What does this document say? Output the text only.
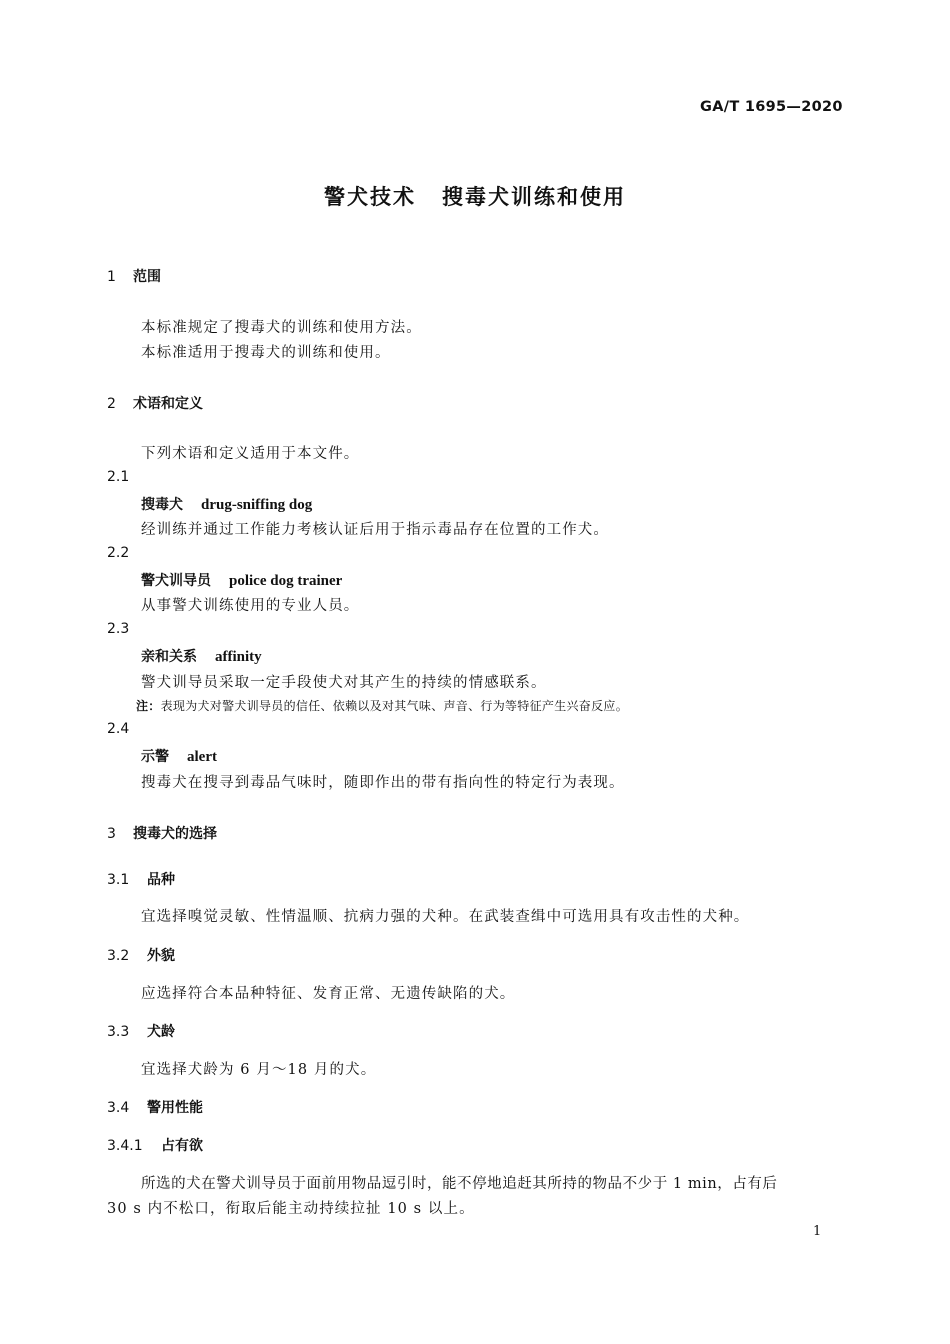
GA/T 1695—2020
警犬技术 搜毒犬训练和使用
1 范围
本标准规定了搜毒犬的训练和使用方法。
本标准适用于搜毒犬的训练和使用。
2 术语和定义
下列术语和定义适用于本文件。
2.1
搜毒犬 drug-sniffing dog
经训练并通过工作能力考核认证后用于指示毒品存在位置的工作犬。
2.2
警犬训导员 police dog trainer
从事警犬训练使用的专业人员。
2.3
亲和关系 affinity
警犬训导员采取一定手段使犬对其产生的持续的情感联系。
注：表现为犬对警犬训导员的信任、依赖以及对其气味、声音、行为等特征产生兴奋反应。
2.4
示警 alert
搜毒犬在搜寻到毒品气味时，随即作出的带有指向性的特定行为表现。
3 搜毒犬的选择
3.1 品种
宜选择嗅觉灵敏、性情温顺、抗病力强的犬种。在武装查缉中可选用具有攻击性的犬种。
3.2 外貌
应选择符合本品种特征、发育正常、无遗传缺陷的犬。
3.3 犬龄
宜选择犬龄为 6 月～18 月的犬。
3.4 警用性能
3.4.1 占有欲
所选的犬在警犬训导员于面前用物品逗引时，能不停地追赶其所持的物品不少于 1 min，占有后
30 s 内不松口，衔取后能主动持续拉扯 10 s 以上。
1
